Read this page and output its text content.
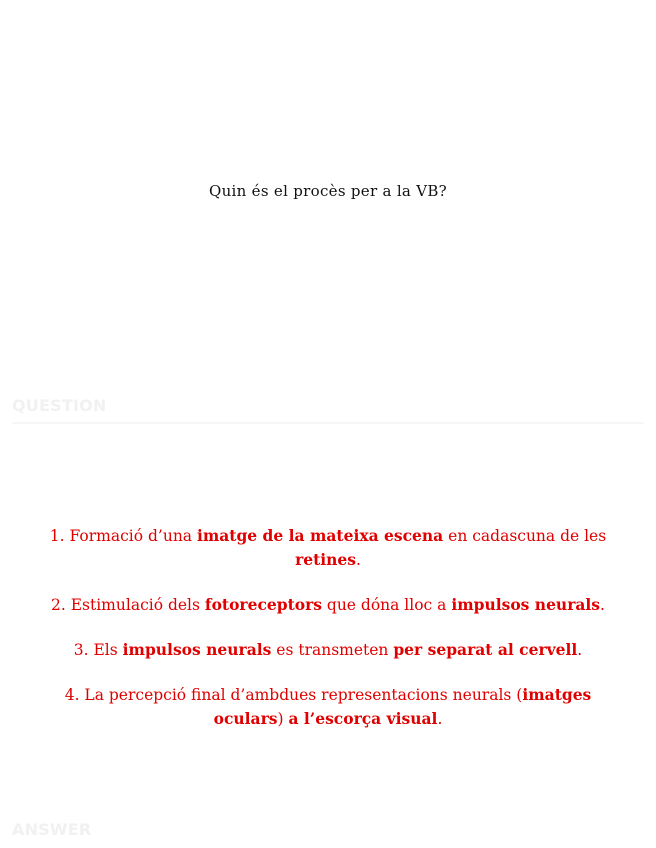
Quin és el procès per a la VB?
QUESTION

1. Formació d’una imatge de la mateixa escena en cadascuna de les retines.

2. Estimulació dels fotoreceptors que dóna lloc a impulsos neurals.

3. Els impulsos neurals es transmeten per separat al cervell.

4. La percepció final d’ambdues representacions neurals (imatges oculars) a l’escorça visual.

ANSWER
